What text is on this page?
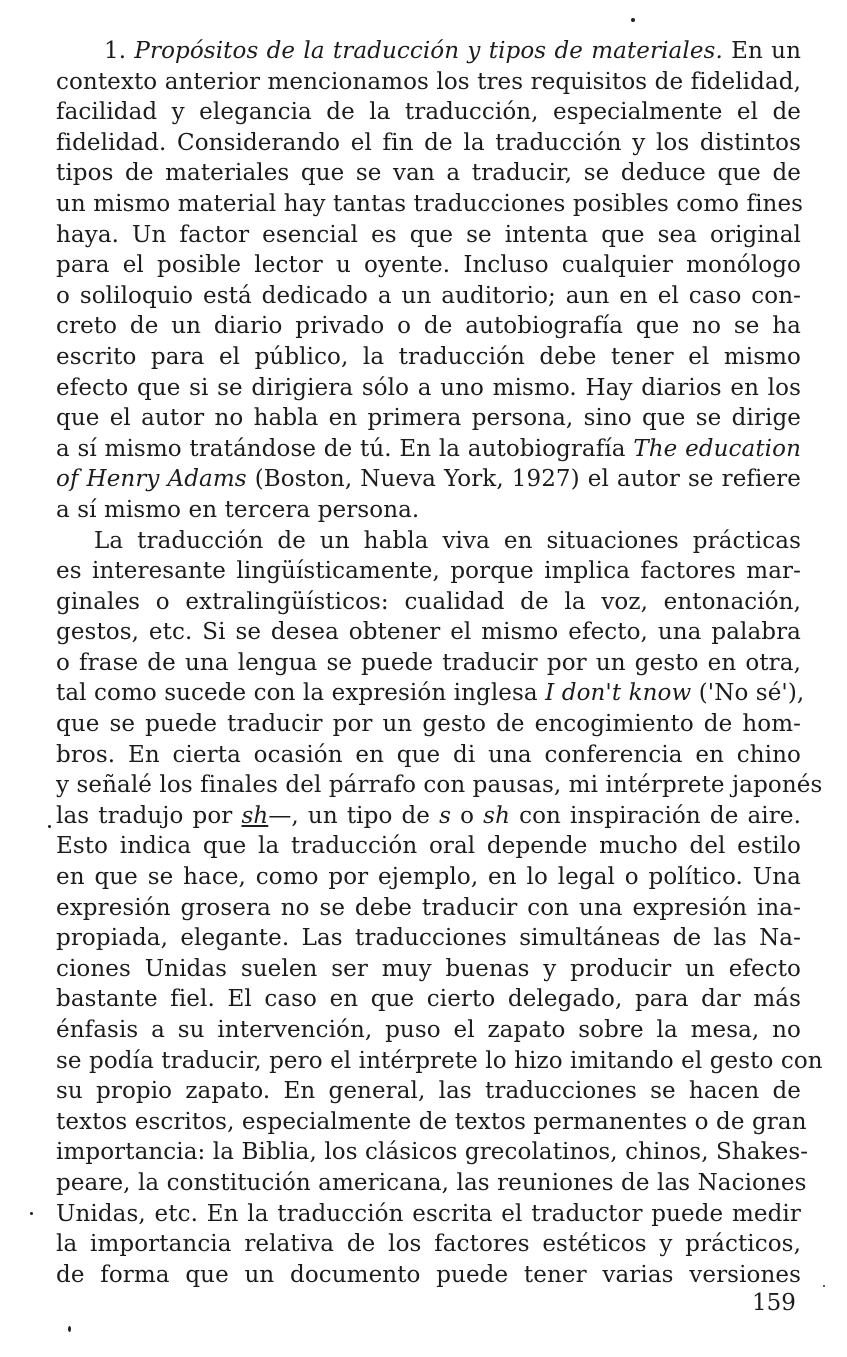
1. Propósitos de la traducción y tipos de materiales. En un
contexto anterior mencionamos los tres requisitos de fidelidad,
facilidad y elegancia de la traducción, especialmente el de
fidelidad. Considerando el fin de la traducción y los distintos
tipos de materiales que se van a traducir, se deduce que de
un mismo material hay tantas traducciones posibles como fines
haya. Un factor esencial es que se intenta que sea original
para el posible lector u oyente. Incluso cualquier monólogo
o soliloquio está dedicado a un auditorio; aun en el caso con-
creto de un diario privado o de autobiografía que no se ha
escrito para el público, la traducción debe tener el mismo
efecto que si se dirigiera sólo a uno mismo. Hay diarios en los
que el autor no habla en primera persona, sino que se dirige
a sí mismo tratándose de tú. En la autobiografía The education
of Henry Adams (Boston, Nueva York, 1927) el autor se refiere
a sí mismo en tercera persona.
La traducción de un habla viva en situaciones prácticas
es interesante lingüísticamente, porque implica factores mar-
ginales o extralingüísticos: cualidad de la voz, entonación,
gestos, etc. Si se desea obtener el mismo efecto, una palabra
o frase de una lengua se puede traducir por un gesto en otra,
tal como sucede con la expresión inglesa I don't know ('No sé'),
que se puede traducir por un gesto de encogimiento de hom-
bros. En cierta ocasión en que di una conferencia en chino
y señalé los finales del párrafo con pausas, mi intérprete japonés
las tradujo por sh—, un tipo de s o sh con inspiración de aire.
Esto indica que la traducción oral depende mucho del estilo
en que se hace, como por ejemplo, en lo legal o político. Una
expresión grosera no se debe traducir con una expresión ina-
propiada, elegante. Las traducciones simultáneas de las Na-
ciones Unidas suelen ser muy buenas y producir un efecto
bastante fiel. El caso en que cierto delegado, para dar más
énfasis a su intervención, puso el zapato sobre la mesa, no
se podía traducir, pero el intérprete lo hizo imitando el gesto con
su propio zapato. En general, las traducciones se hacen de
textos escritos, especialmente de textos permanentes o de gran
importancia: la Biblia, los clásicos grecolatinos, chinos, Shakes-
peare, la constitución americana, las reuniones de las Naciones
Unidas, etc. En la traducción escrita el traductor puede medir
la importancia relativa de los factores estéticos y prácticos,
de forma que un documento puede tener varias versiones
159
